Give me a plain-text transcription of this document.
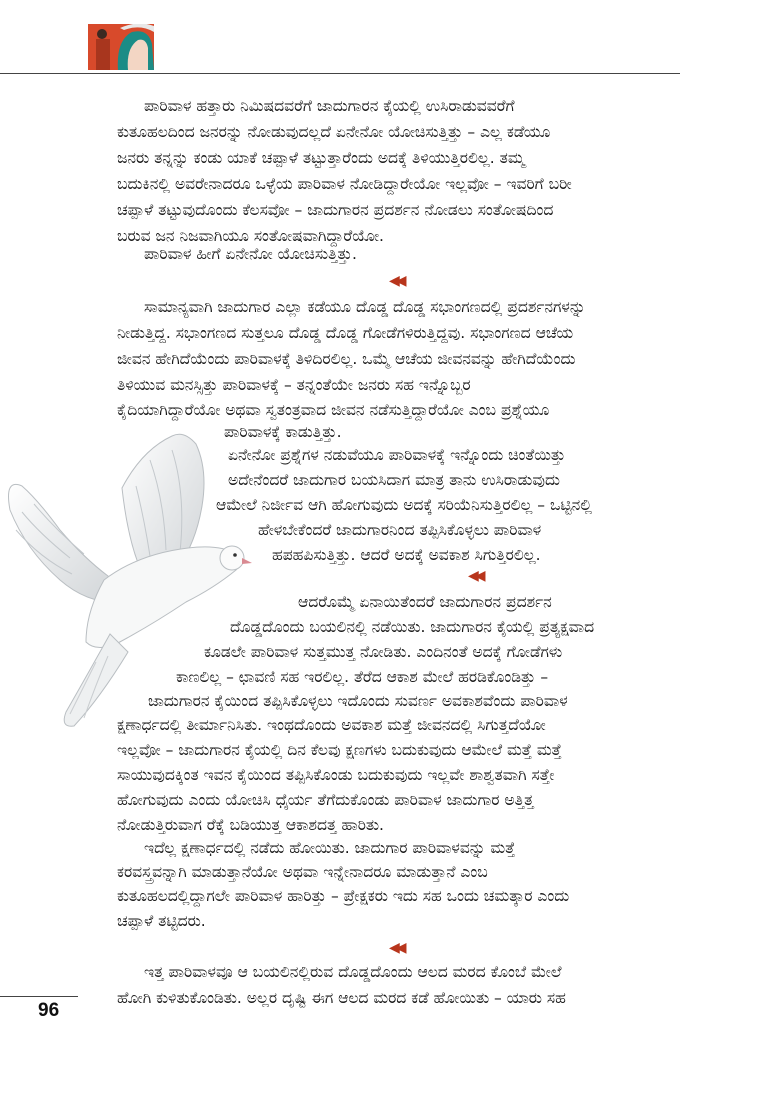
ಪಾರಿವಾಳ ಹತ್ತಾರು ನಿಮಿಷದವರೆಗೆ ಜಾದುಗಾರನ ಕೈಯಲ್ಲಿ ಉಸಿರಾಡುವವರೆಗೆ
ಕುತೂಹಲದಿಂದ ಜನರನ್ನು ನೋಡುವುದಲ್ಲದೆ ಏನೇನೋ ಯೋಚಿಸುತ್ತಿತ್ತು – ಎಲ್ಲ ಕಡೆಯೂ
ಜನರು ತನ್ನನ್ನು ಕಂಡು ಯಾಕೆ ಚಪ್ಪಾಳೆ ತಟ್ಟುತ್ತಾರೆಂದು ಅದಕ್ಕೆ ತಿಳಿಯುತ್ತಿರಲಿಲ್ಲ. ತಮ್ಮ
ಬದುಕಿನಲ್ಲಿ ಅವರೇನಾದರೂ ಒಳ್ಳೆಯ ಪಾರಿವಾಳ ನೋಡಿದ್ದಾರೇಯೋ ಇಲ್ಲವೋ – ಇವರಿಗೆ ಬರೀ
ಚಪ್ಪಾಳೆ ತಟ್ಟುವುದೊಂದು ಕೆಲಸವೋ – ಜಾದುಗಾರನ ಪ್ರದರ್ಶನ ನೋಡಲು ಸಂತೋಷದಿಂದ
ಬರುವ ಜನ ನಿಜವಾಗಿಯೂ ಸಂತೋಷವಾಗಿದ್ದಾರೆಯೋ.
ಪಾರಿವಾಳ ಹೀಗೆ ಏನೇನೋ ಯೋಚಿಸುತ್ತಿತ್ತು.
◀◀
ಸಾಮಾನ್ಯವಾಗಿ ಜಾದುಗಾರ ಎಲ್ಲಾ ಕಡೆಯೂ ದೊಡ್ಡ ದೊಡ್ಡ ಸಭಾಂಗಣದಲ್ಲಿ ಪ್ರದರ್ಶನಗಳನ್ನು
ನೀಡುತ್ತಿದ್ದ. ಸಭಾಂಗಣದ ಸುತ್ತಲೂ ದೊಡ್ಡ ದೊಡ್ಡ ಗೋಡೆಗಳಿರುತ್ತಿದ್ದವು. ಸಭಾಂಗಣದ ಆಚೆಯ
ಜೀವನ ಹೇಗಿದೆಯೆಂದು ಪಾರಿವಾಳಕ್ಕೆ ತಿಳಿದಿರಲಿಲ್ಲ. ಒಮ್ಮೆ ಆಚೆಯ ಜೀವನವನ್ನು ಹೇಗಿದೆಯೆಂದು
ತಿಳಿಯುವ ಮನಸ್ಸಿತ್ತು ಪಾರಿವಾಳಕ್ಕೆ – ತನ್ನಂತೆಯೇ ಜನರು ಸಹ ಇನ್ನೊಬ್ಬರ
ಕೈದಿಯಾಗಿದ್ದಾರೆಯೋ ಅಥವಾ ಸ್ವತಂತ್ರವಾದ ಜೀವನ ನಡೆಸುತ್ತಿದ್ದಾರೆಯೋ ಎಂಬ ಪ್ರಶ್ನೆಯೂ
ಪಾರಿವಾಳಕ್ಕೆ ಕಾಡುತ್ತಿತ್ತು.
ಏನೇನೋ ಪ್ರಶ್ನೆಗಳ ನಡುವೆಯೂ ಪಾರಿವಾಳಕ್ಕೆ ಇನ್ನೊಂದು ಚಿಂತೆಯಿತ್ತು
ಅದೇನೆಂದರೆ ಜಾದುಗಾರ ಬಯಸಿದಾಗ ಮಾತ್ರ ತಾನು ಉಸಿರಾಡುವುದು
ಆಮೇಲೆ ನಿರ್ಜೀವ ಆಗಿ ಹೋಗುವುದು ಅದಕ್ಕೆ ಸರಿಯೆನಿಸುತ್ತಿರಲಿಲ್ಲ – ಒಟ್ಟಿನಲ್ಲಿ
ಹೇಳಬೇಕೆಂದರೆ ಜಾದುಗಾರನಿಂದ ತಪ್ಪಿಸಿಕೊಳ್ಳಲು ಪಾರಿವಾಳ
ಹಪಹಪಿಸುತ್ತಿತ್ತು. ಆದರೆ ಅದಕ್ಕೆ ಅವಕಾಶ ಸಿಗುತ್ತಿರಲಿಲ್ಲ.
◀◀
ಆದರೊಮ್ಮೆ ಏನಾಯಿತೆಂದರೆ ಜಾದುಗಾರನ ಪ್ರದರ್ಶನ
ದೊಡ್ಡದೊಂದು ಬಯಲಿನಲ್ಲಿ ನಡೆಯಿತು. ಜಾದುಗಾರನ ಕೈಯಲ್ಲಿ ಪ್ರತ್ಯಕ್ಷವಾದ
ಕೂಡಲೇ ಪಾರಿವಾಳ ಸುತ್ತಮುತ್ತ ನೋಡಿತು. ಎಂದಿನಂತೆ ಅದಕ್ಕೆ ಗೋಡೆಗಳು
ಕಾಣಲಿಲ್ಲ – ಛಾವಣಿ ಸಹ ಇರಲಿಲ್ಲ. ತೆರೆದ ಆಕಾಶ ಮೇಲೆ ಹರಡಿಕೊಂಡಿತ್ತು –
ಜಾದುಗಾರನ ಕೈಯಿಂದ ತಪ್ಪಿಸಿಕೊಳ್ಳಲು ಇದೊಂದು ಸುವರ್ಣ ಅವಕಾಶವೆಂದು ಪಾರಿವಾಳ
ಕ್ಷಣಾರ್ಧದಲ್ಲಿ ತೀರ್ಮಾನಿಸಿತು. ಇಂಥದೊಂದು ಅವಕಾಶ ಮತ್ತೆ ಜೀವನದಲ್ಲಿ ಸಿಗುತ್ತದೆಯೋ
ಇಲ್ಲವೋ – ಜಾದುಗಾರನ ಕೈಯಲ್ಲಿ ದಿನ ಕೆಲವು ಕ್ಷಣಗಳು ಬದುಕುವುದು ಆಮೇಲೆ ಮತ್ತೆ ಮತ್ತೆ
ಸಾಯುವುದಕ್ಕಿಂತ ಇವನ ಕೈಯಿಂದ ತಪ್ಪಿಸಿಕೊಂಡು ಬದುಕುವುದು ಇಲ್ಲವೇ ಶಾಶ್ವತವಾಗಿ ಸತ್ತೇ
ಹೋಗುವುದು ಎಂದು ಯೋಚಿಸಿ ಧೈರ್ಯ ತೆಗೆದುಕೊಂಡು ಪಾರಿವಾಳ ಜಾದುಗಾರ ಅತ್ತಿತ್ತ
ನೋಡುತ್ತಿರುವಾಗ ರೆಕ್ಕೆ ಬಡಿಯುತ್ತ ಆಕಾಶದತ್ತ ಹಾರಿತು.
ಇದೆಲ್ಲ ಕ್ಷಣಾರ್ಧದಲ್ಲಿ ನಡೆದು ಹೋಯಿತು. ಜಾದುಗಾರ ಪಾರಿವಾಳವನ್ನು ಮತ್ತೆ
ಕರವಸ್ತ್ರವನ್ನಾಗಿ ಮಾಡುತ್ತಾನೆಯೋ ಅಥವಾ ಇನ್ನೇನಾದರೂ ಮಾಡುತ್ತಾನೆ ಎಂಬ
ಕುತೂಹಲದಲ್ಲಿದ್ದಾಗಲೇ ಪಾರಿವಾಳ ಹಾರಿತ್ತು – ಪ್ರೇಕ್ಷಕರು ಇದು ಸಹ ಒಂದು ಚಮತ್ಕಾರ ಎಂದು
ಚಪ್ಪಾಳೆ ತಟ್ಟಿದರು.
◀◀
ಇತ್ತ ಪಾರಿವಾಳವೂ ಆ ಬಯಲಿನಲ್ಲಿರುವ ದೊಡ್ಡದೊಂದು ಆಲದ ಮರದ ಕೊಂಬೆ ಮೇಲೆ
ಹೋಗಿ ಕುಳಿತುಕೊಂಡಿತು. ಅಲ್ಲರ ದೃಷ್ಟಿ ಈಗ ಆಲದ ಮರದ ಕಡೆ ಹೋಯಿತು – ಯಾರು ಸಹ
96
